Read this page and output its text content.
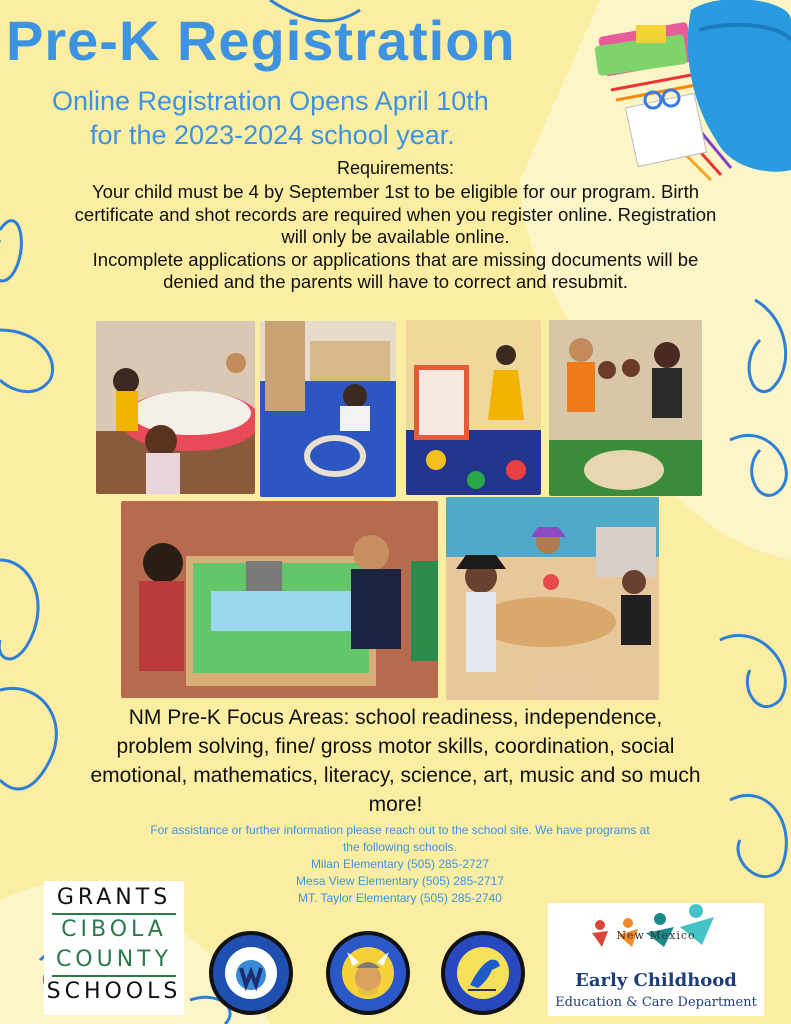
Pre-K Registration
Online Registration Opens April 10th
for the 2023-2024 school year.
Requirements:
Your child must be 4 by September 1st to be eligible for our program. Birth
certificate and shot records are required when you register online. Registration
will only be available online.
Incomplete applications or applications that are missing documents will be
denied and the parents will have to correct and resubmit.
NM Pre-K Focus Areas: school readiness, independence,
problem solving, fine/ gross motor skills, coordination, social
emotional, mathematics, literacy, science, art, music and so much
more!
For assistance or further information please reach out to the school site. We have programs at
the following schools.
Milan Elementary (505) 285-2727
Mesa View Elementary (505) 285-2717
MT. Taylor Elementary (505) 285-2740
GRANTS
CIBOLA
COUNTY
SCHOOLS
New Mexico
Early Childhood
Education & Care Department
